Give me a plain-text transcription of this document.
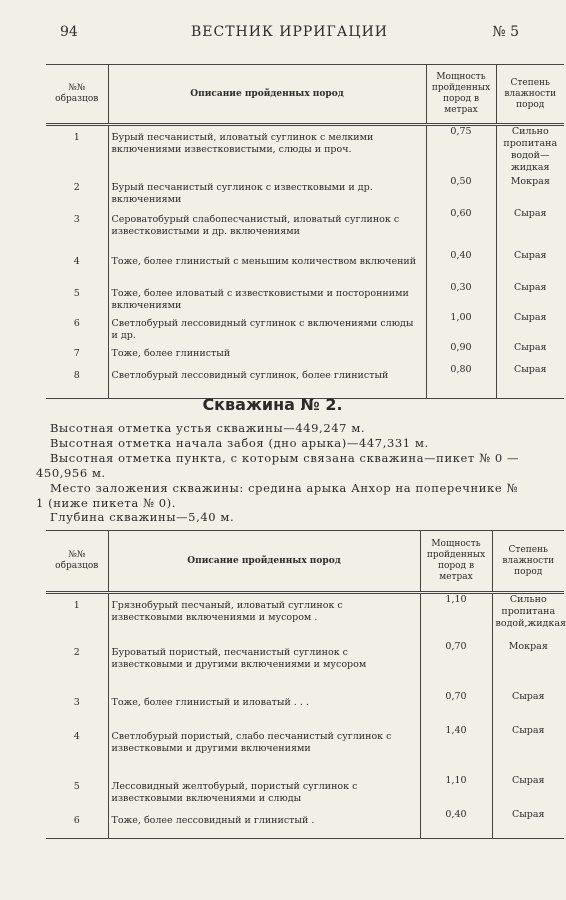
94	ВЕСТНИК ИРРИГАЦИИ	№ 5
№№ образцов	Описание пройденных пород	Мощность пройденных пород в метрах	Степень влажности пород
1	Бурый песчанистый, иловатый суглинок с мелкими включениями известковистыми, слюды и проч.	0,75	Сильно пропитана водой—жидкая
2	Бурый песчанистый суглинок с известковыми и др. включениями	0,50	Мокрая
3	Сероватобурый слабопесчанистый, иловатый суглинок с известковистыми и др. включениями	0,60	Сырая
4	Тоже, более глинистый с меньшим количеством включений	0,40	Сырая
5	Тоже, более иловатый с известковистыми и посторонними включениями	0,30	Сырая
6	Светлобурый лессовидный суглинок с включениями слюды и др.	1,00	Сырая
7	Тоже, более глинистый	0,90	Сырая
8	Светлобурый лессовидный суглинок, более глинистый	0,80	Сырая
Скважина № 2.
Высотная отметка устья скважины—449,247 м.
Высотная отметка начала забоя (дно арыка)—447,331 м.
Высотная отметка пункта, с которым связана скважина—пикет № 0 —450,956 м.
Место заложения скважины: средина арыка Анхор на поперечнике № 1 (ниже пикета № 0).
Глубина скважины—5,40 м.
№№ образцов	Описание пройденных пород	Мощность пройденных пород в метрах	Степень влажности пород
1	Грязнобурый песчаный, иловатый суглинок с известковыми включениями и мусором .	1,10	Сильно пропитана водой,жидкая
2	Буроватый пористый, песчанистый суглинок с известковыми и другими включениями и мусором	0,70	Мокрая
3	Тоже, более глинистый и иловатый . . .	0,70	Сырая
4	Светлобурый пористый, слабо песчанистый суглинок с известковыми и другими включениями	1,40	Сырая
5	Лессовидный желтобурый, пористый суглинок с известковыми включениями и слюды	1,10	Сырая
6	Тоже, более лессовидный и глинистый .	0,40	Сырая
